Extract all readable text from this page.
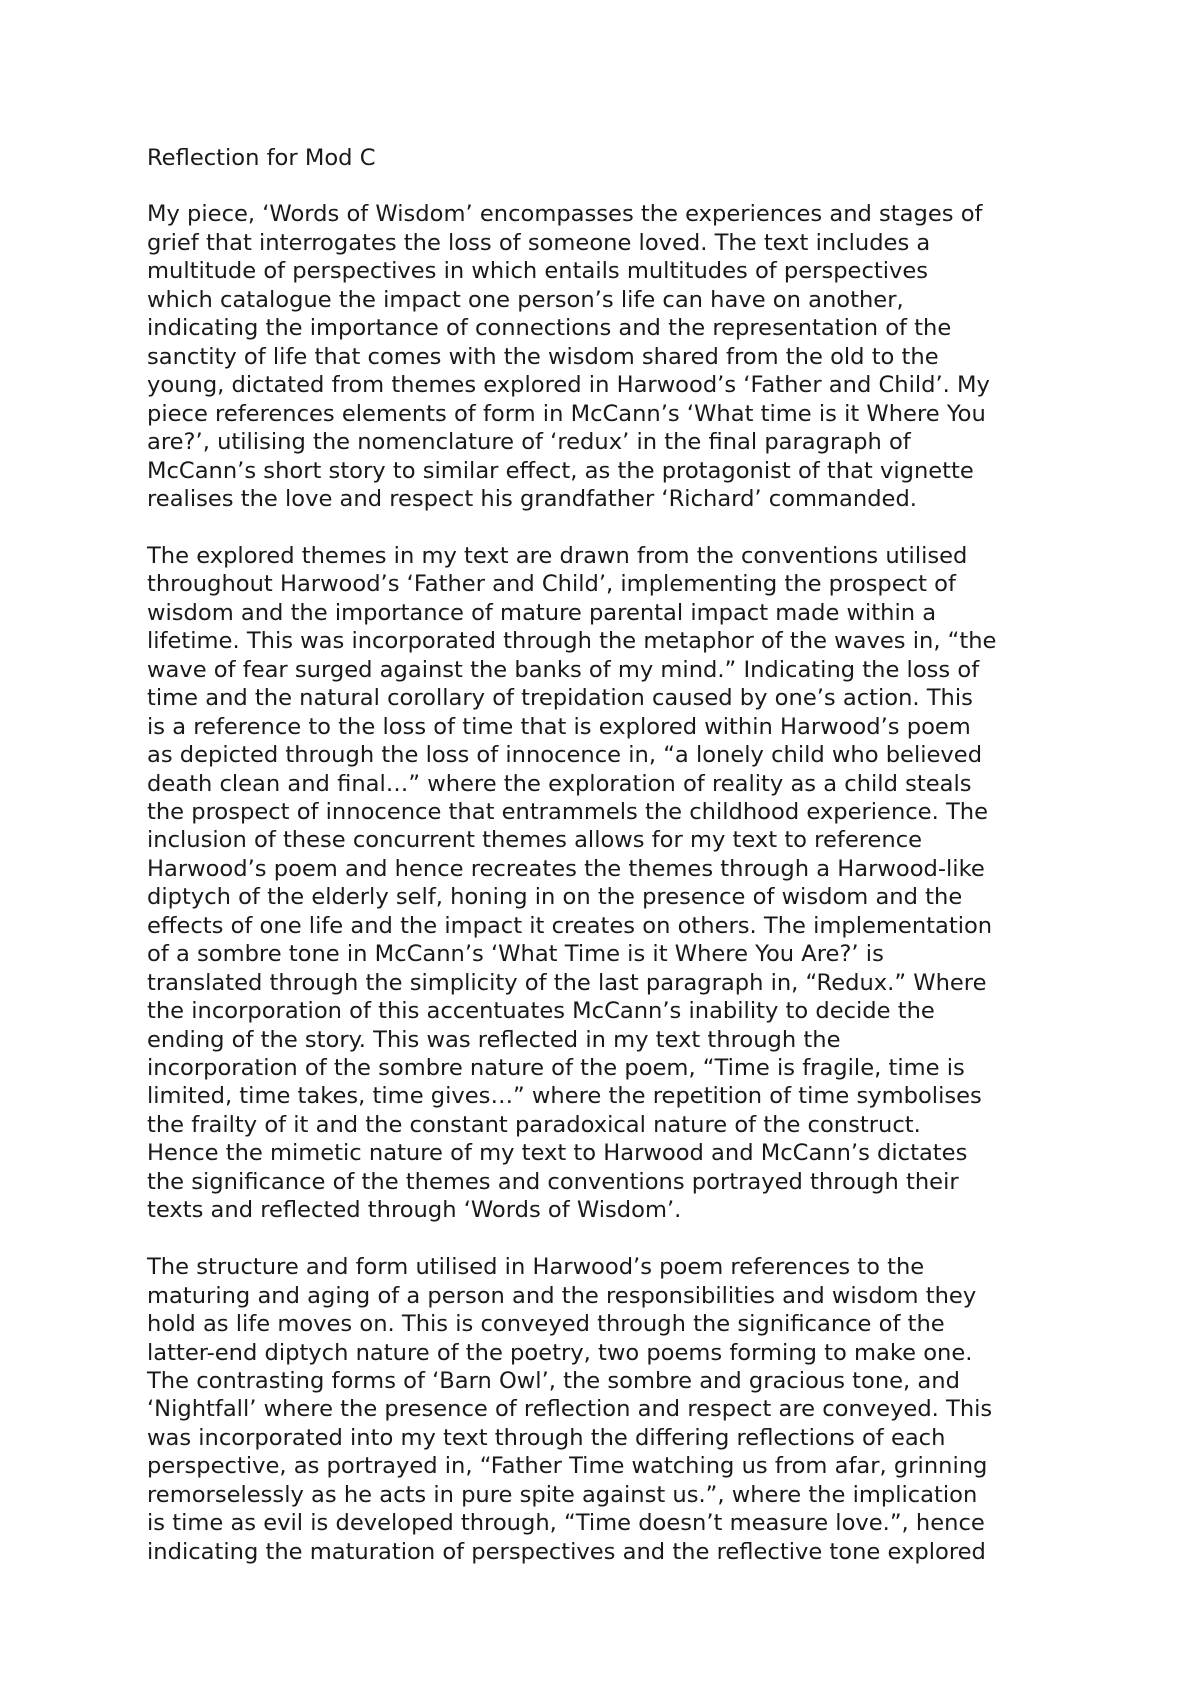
Reflection for Mod C
My piece, ‘Words of Wisdom’ encompasses the experiences and stages of
grief that interrogates the loss of someone loved. The text includes a
multitude of perspectives in which entails multitudes of perspectives
which catalogue the impact one person’s life can have on another,
indicating the importance of connections and the representation of the
sanctity of life that comes with the wisdom shared from the old to the
young, dictated from themes explored in Harwood’s ‘Father and Child’. My
piece references elements of form in McCann’s ‘What time is it Where You
are?’, utilising the nomenclature of ‘redux’ in the final paragraph of
McCann’s short story to similar effect, as the protagonist of that vignette
realises the love and respect his grandfather ‘Richard’ commanded.
The explored themes in my text are drawn from the conventions utilised
throughout Harwood’s ‘Father and Child’, implementing the prospect of
wisdom and the importance of mature parental impact made within a
lifetime. This was incorporated through the metaphor of the waves in, “the
wave of fear surged against the banks of my mind.” Indicating the loss of
time and the natural corollary of trepidation caused by one’s action. This
is a reference to the loss of time that is explored within Harwood’s poem
as depicted through the loss of innocence in, “a lonely child who believed
death clean and final…” where the exploration of reality as a child steals
the prospect of innocence that entrammels the childhood experience. The
inclusion of these concurrent themes allows for my text to reference
Harwood’s poem and hence recreates the themes through a Harwood-like
diptych of the elderly self, honing in on the presence of wisdom and the
effects of one life and the impact it creates on others. The implementation
of a sombre tone in McCann’s ‘What Time is it Where You Are?’ is
translated through the simplicity of the last paragraph in, “Redux.” Where
the incorporation of this accentuates McCann’s inability to decide the
ending of the story. This was reflected in my text through the
incorporation of the sombre nature of the poem, “Time is fragile, time is
limited, time takes, time gives…” where the repetition of time symbolises
the frailty of it and the constant paradoxical nature of the construct.
Hence the mimetic nature of my text to Harwood and McCann’s dictates
the significance of the themes and conventions portrayed through their
texts and reflected through ‘Words of Wisdom’.
The structure and form utilised in Harwood’s poem references to the
maturing and aging of a person and the responsibilities and wisdom they
hold as life moves on. This is conveyed through the significance of the
latter-end diptych nature of the poetry, two poems forming to make one.
The contrasting forms of ‘Barn Owl’, the sombre and gracious tone, and
‘Nightfall’ where the presence of reflection and respect are conveyed. This
was incorporated into my text through the differing reflections of each
perspective, as portrayed in, “Father Time watching us from afar, grinning
remorselessly as he acts in pure spite against us.”, where the implication
is time as evil is developed through, “Time doesn’t measure love.”, hence
indicating the maturation of perspectives and the reflective tone explored
